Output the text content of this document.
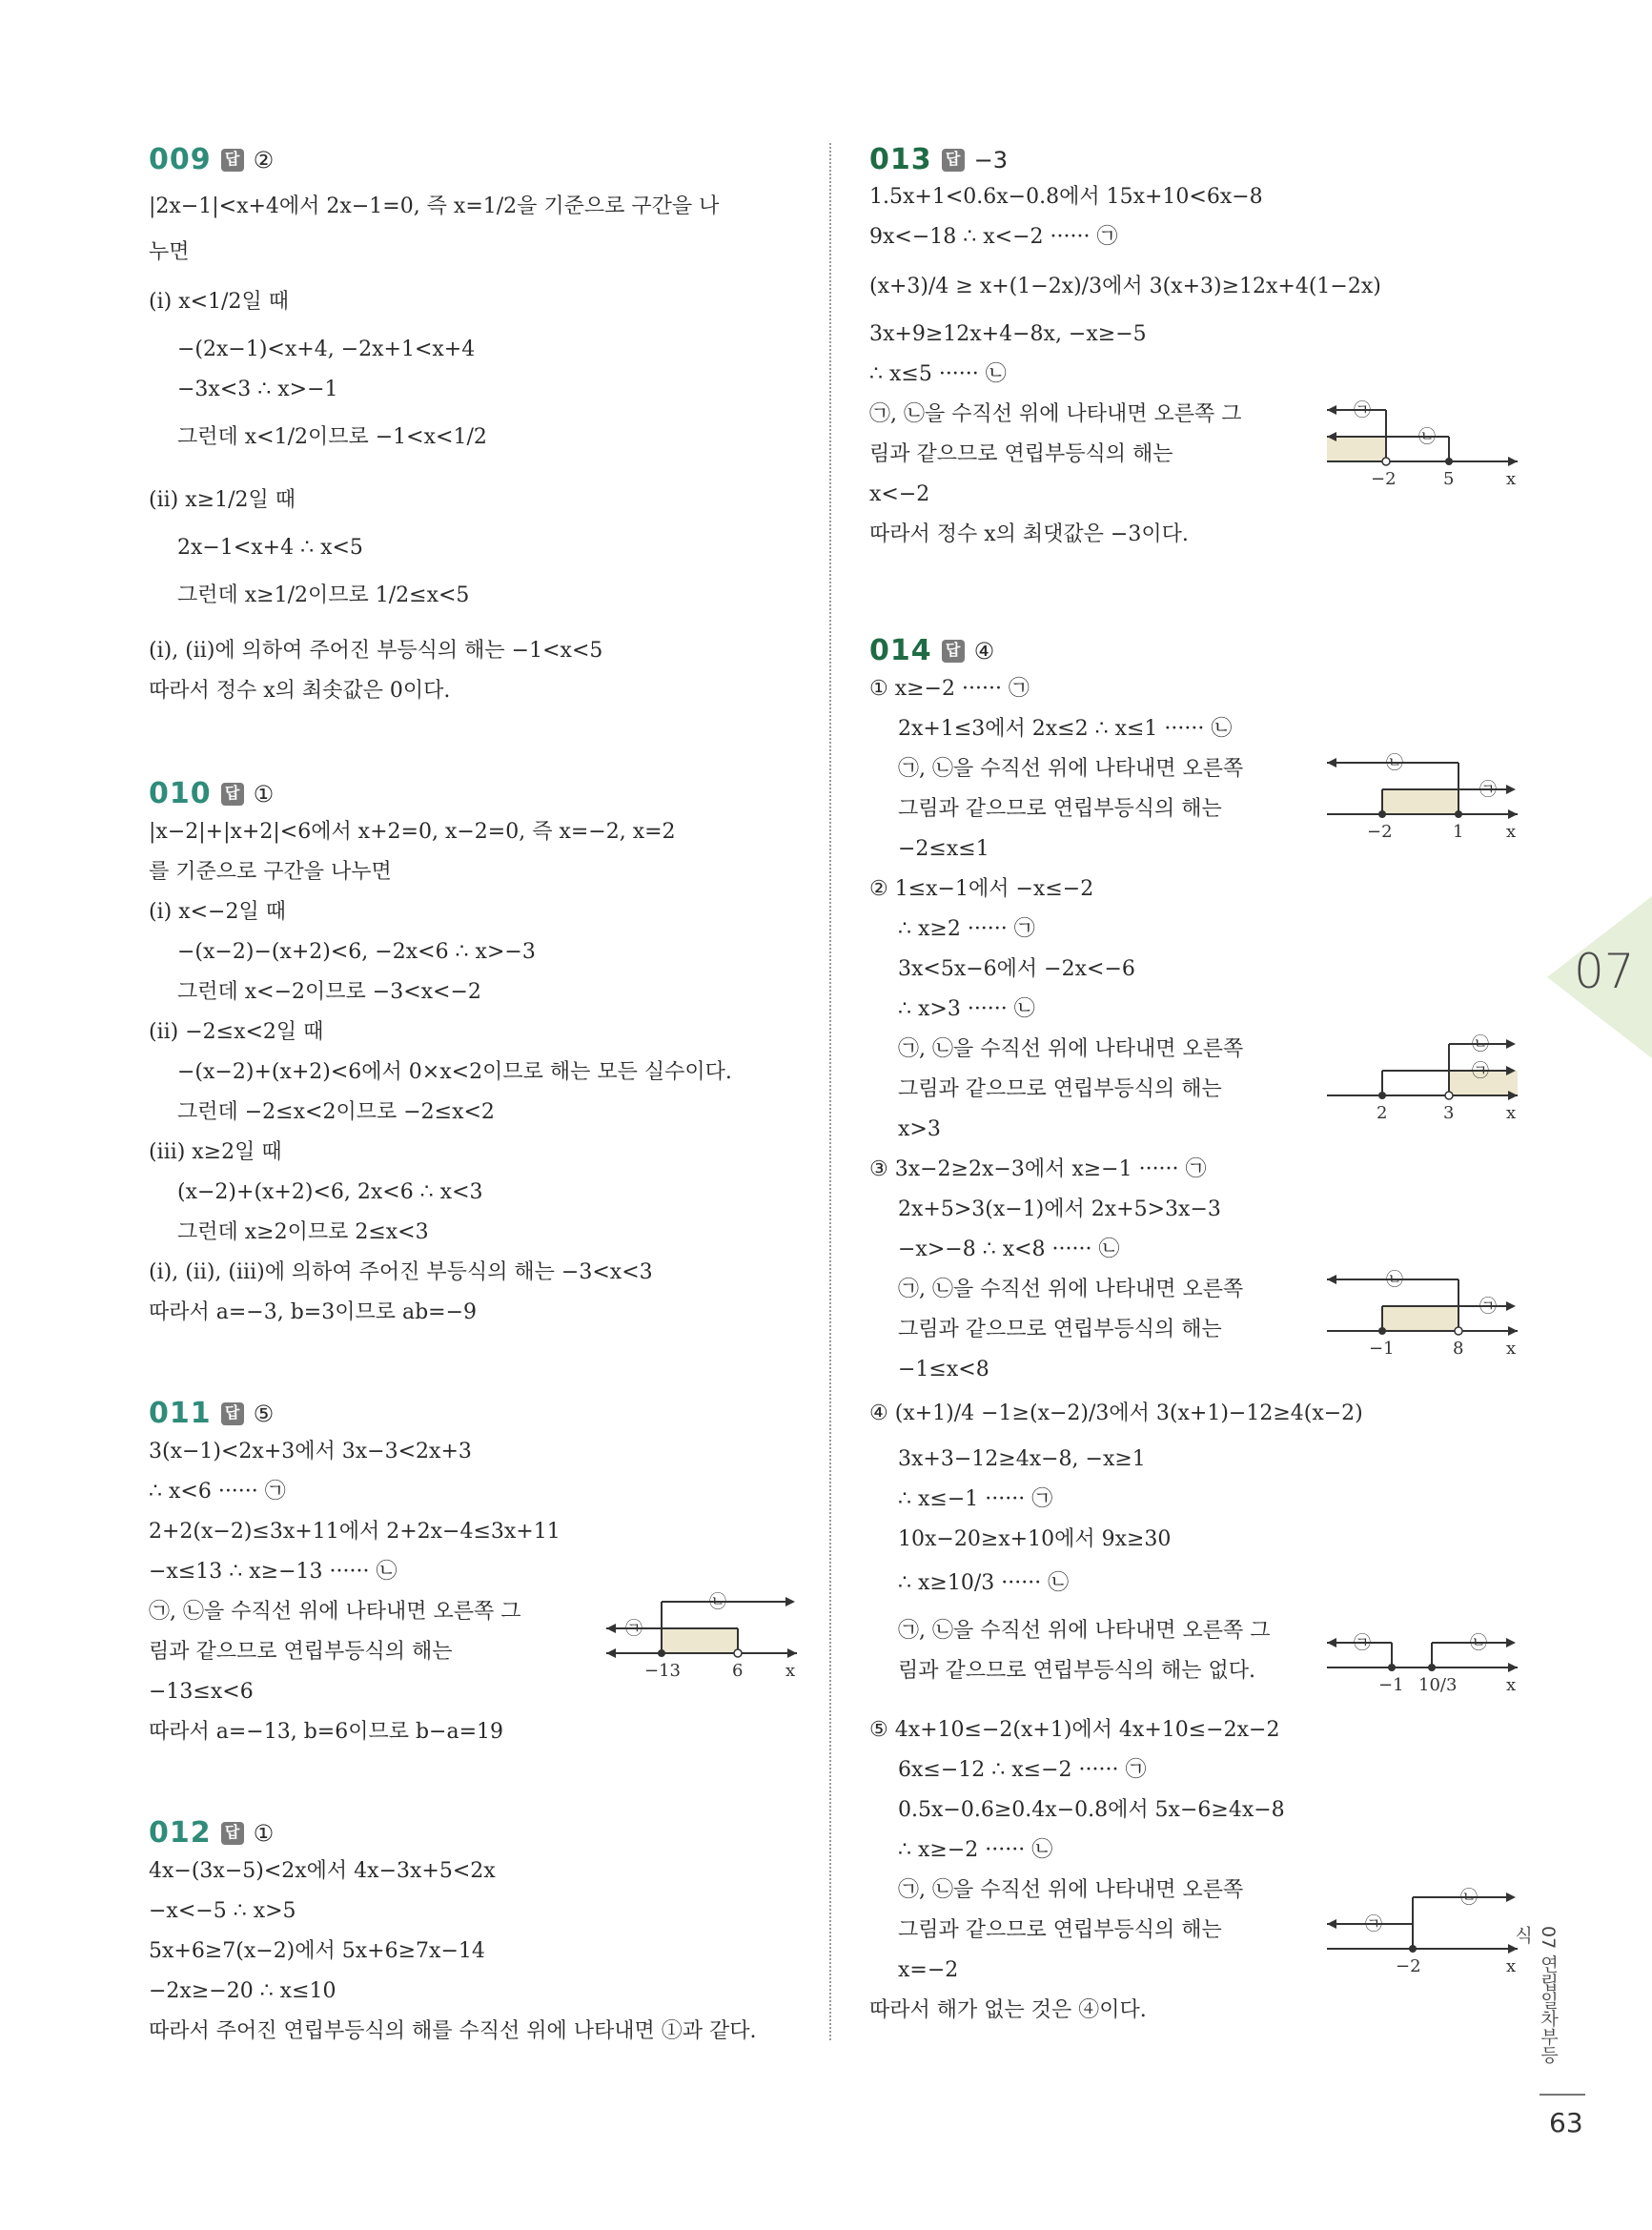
009 답 ②
|2x−1|<x+4에서 2x−1=0, 즉 x=1/2을 기준으로 구간을 나
누면
(ⅰ) x<1/2일 때
−(2x−1)<x+4, −2x+1<x+4
−3x<3 ∴ x>−1
그런데 x<1/2이므로 −1<x<1/2
(ⅱ) x≥1/2일 때
2x−1<x+4 ∴ x<5
그런데 x≥1/2이므로 1/2≤x<5
(ⅰ), (ⅱ)에 의하여 주어진 부등식의 해는 −1<x<5
따라서 정수 x의 최솟값은 0이다.
010 답 ①
|x−2|+|x+2|<6에서 x+2=0, x−2=0, 즉 x=−2, x=2
를 기준으로 구간을 나누면
(ⅰ) x<−2일 때
−(x−2)−(x+2)<6, −2x<6 ∴ x>−3
그런데 x<−2이므로 −3<x<−2
(ⅱ) −2≤x<2일 때
−(x−2)+(x+2)<6에서 0×x<2이므로 해는 모든 실수이다.
그런데 −2≤x<2이므로 −2≤x<2
(ⅲ) x≥2일 때
(x−2)+(x+2)<6, 2x<6 ∴ x<3
그런데 x≥2이므로 2≤x<3
(ⅰ), (ⅱ), (ⅲ)에 의하여 주어진 부등식의 해는 −3<x<3
따라서 a=−3, b=3이므로 ab=−9
011 답 ⑤
3(x−1)<2x+3에서 3x−3<2x+3
∴ x<6 ······ ㉠
2+2(x−2)≤3x+11에서 2+2x−4≤3x+11
−x≤13 ∴ x≥−13 ······ ㉡
㉠, ㉡을 수직선 위에 나타내면 오른쪽 그
림과 같으므로 연립부등식의 해는
−13≤x<6
따라서 a=−13, b=6이므로 b−a=19
㉠
㉡
−13	6 x
012 답 ①
4x−(3x−5)<2x에서 4x−3x+5<2x
−x<−5 ∴ x>5
5x+6≥7(x−2)에서 5x+6≥7x−14
−2x≥−20 ∴ x≤10
따라서 주어진 연립부등식의 해를 수직선 위에 나타내면 ①과 같다.
013 답 −3
1.5x+1<0.6x−0.8에서 15x+10<6x−8
9x<−18 ∴ x<−2 ······ ㉠
(x+3)/4 ≥ x+(1−2x)/3에서 3(x+3)≥12x+4(1−2x)
3x+9≥12x+4−8x, −x≥−5
∴ x≤5 ······ ㉡
㉠, ㉡을 수직선 위에 나타내면 오른쪽 그
림과 같으므로 연립부등식의 해는
x<−2
따라서 정수 x의 최댓값은 −3이다.
㉠
㉡
−2	5	x
014 답 ④
① x≥−2 ······ ㉠
2x+1≤3에서 2x≤2 ∴ x≤1 ······ ㉡
㉠, ㉡을 수직선 위에 나타내면 오른쪽
그림과 같으므로 연립부등식의 해는
−2≤x≤1
② 1≤x−1에서 −x≤−2
∴ x≥2 ······ ㉠
3x<5x−6에서 −2x<−6
∴ x>3 ······ ㉡
㉠, ㉡을 수직선 위에 나타내면 오른쪽
그림과 같으므로 연립부등식의 해는
x>3
③ 3x−2≥2x−3에서 x≥−1 ······ ㉠
2x+5>3(x−1)에서 2x+5>3x−3
−x>−8 ∴ x<8 ······ ㉡
㉠, ㉡을 수직선 위에 나타내면 오른쪽
그림과 같으므로 연립부등식의 해는
−1≤x<8
④ (x+1)/4 −1≥(x−2)/3에서 3(x+1)−12≥4(x−2)
3x+3−12≥4x−8, −x≥1
∴ x≤−1 ······ ㉠
10x−20≥x+10에서 9x≥30
∴ x≥10/3 ······ ㉡
㉠, ㉡을 수직선 위에 나타내면 오른쪽 그
림과 같으므로 연립부등식의 해는 없다.
⑤ 4x+10≤−2(x+1)에서 4x+10≤−2x−2
6x≤−12 ∴ x≤−2 ······ ㉠
0.5x−0.6≥0.4x−0.8에서 5x−6≥4x−8
∴ x≥−2 ······ ㉡
㉠, ㉡을 수직선 위에 나타내면 오른쪽
그림과 같으므로 연립부등식의 해는
x=−2
따라서 해가 없는 것은 ④이다.
㉡
㉠
−2	1 x
㉡
㉠
2	3	x
㉡
㉠
−1	8 x
㉠	㉡
−1 10/3	x
㉠
㉡
−2	x
07
07 연립일차부등식
63
